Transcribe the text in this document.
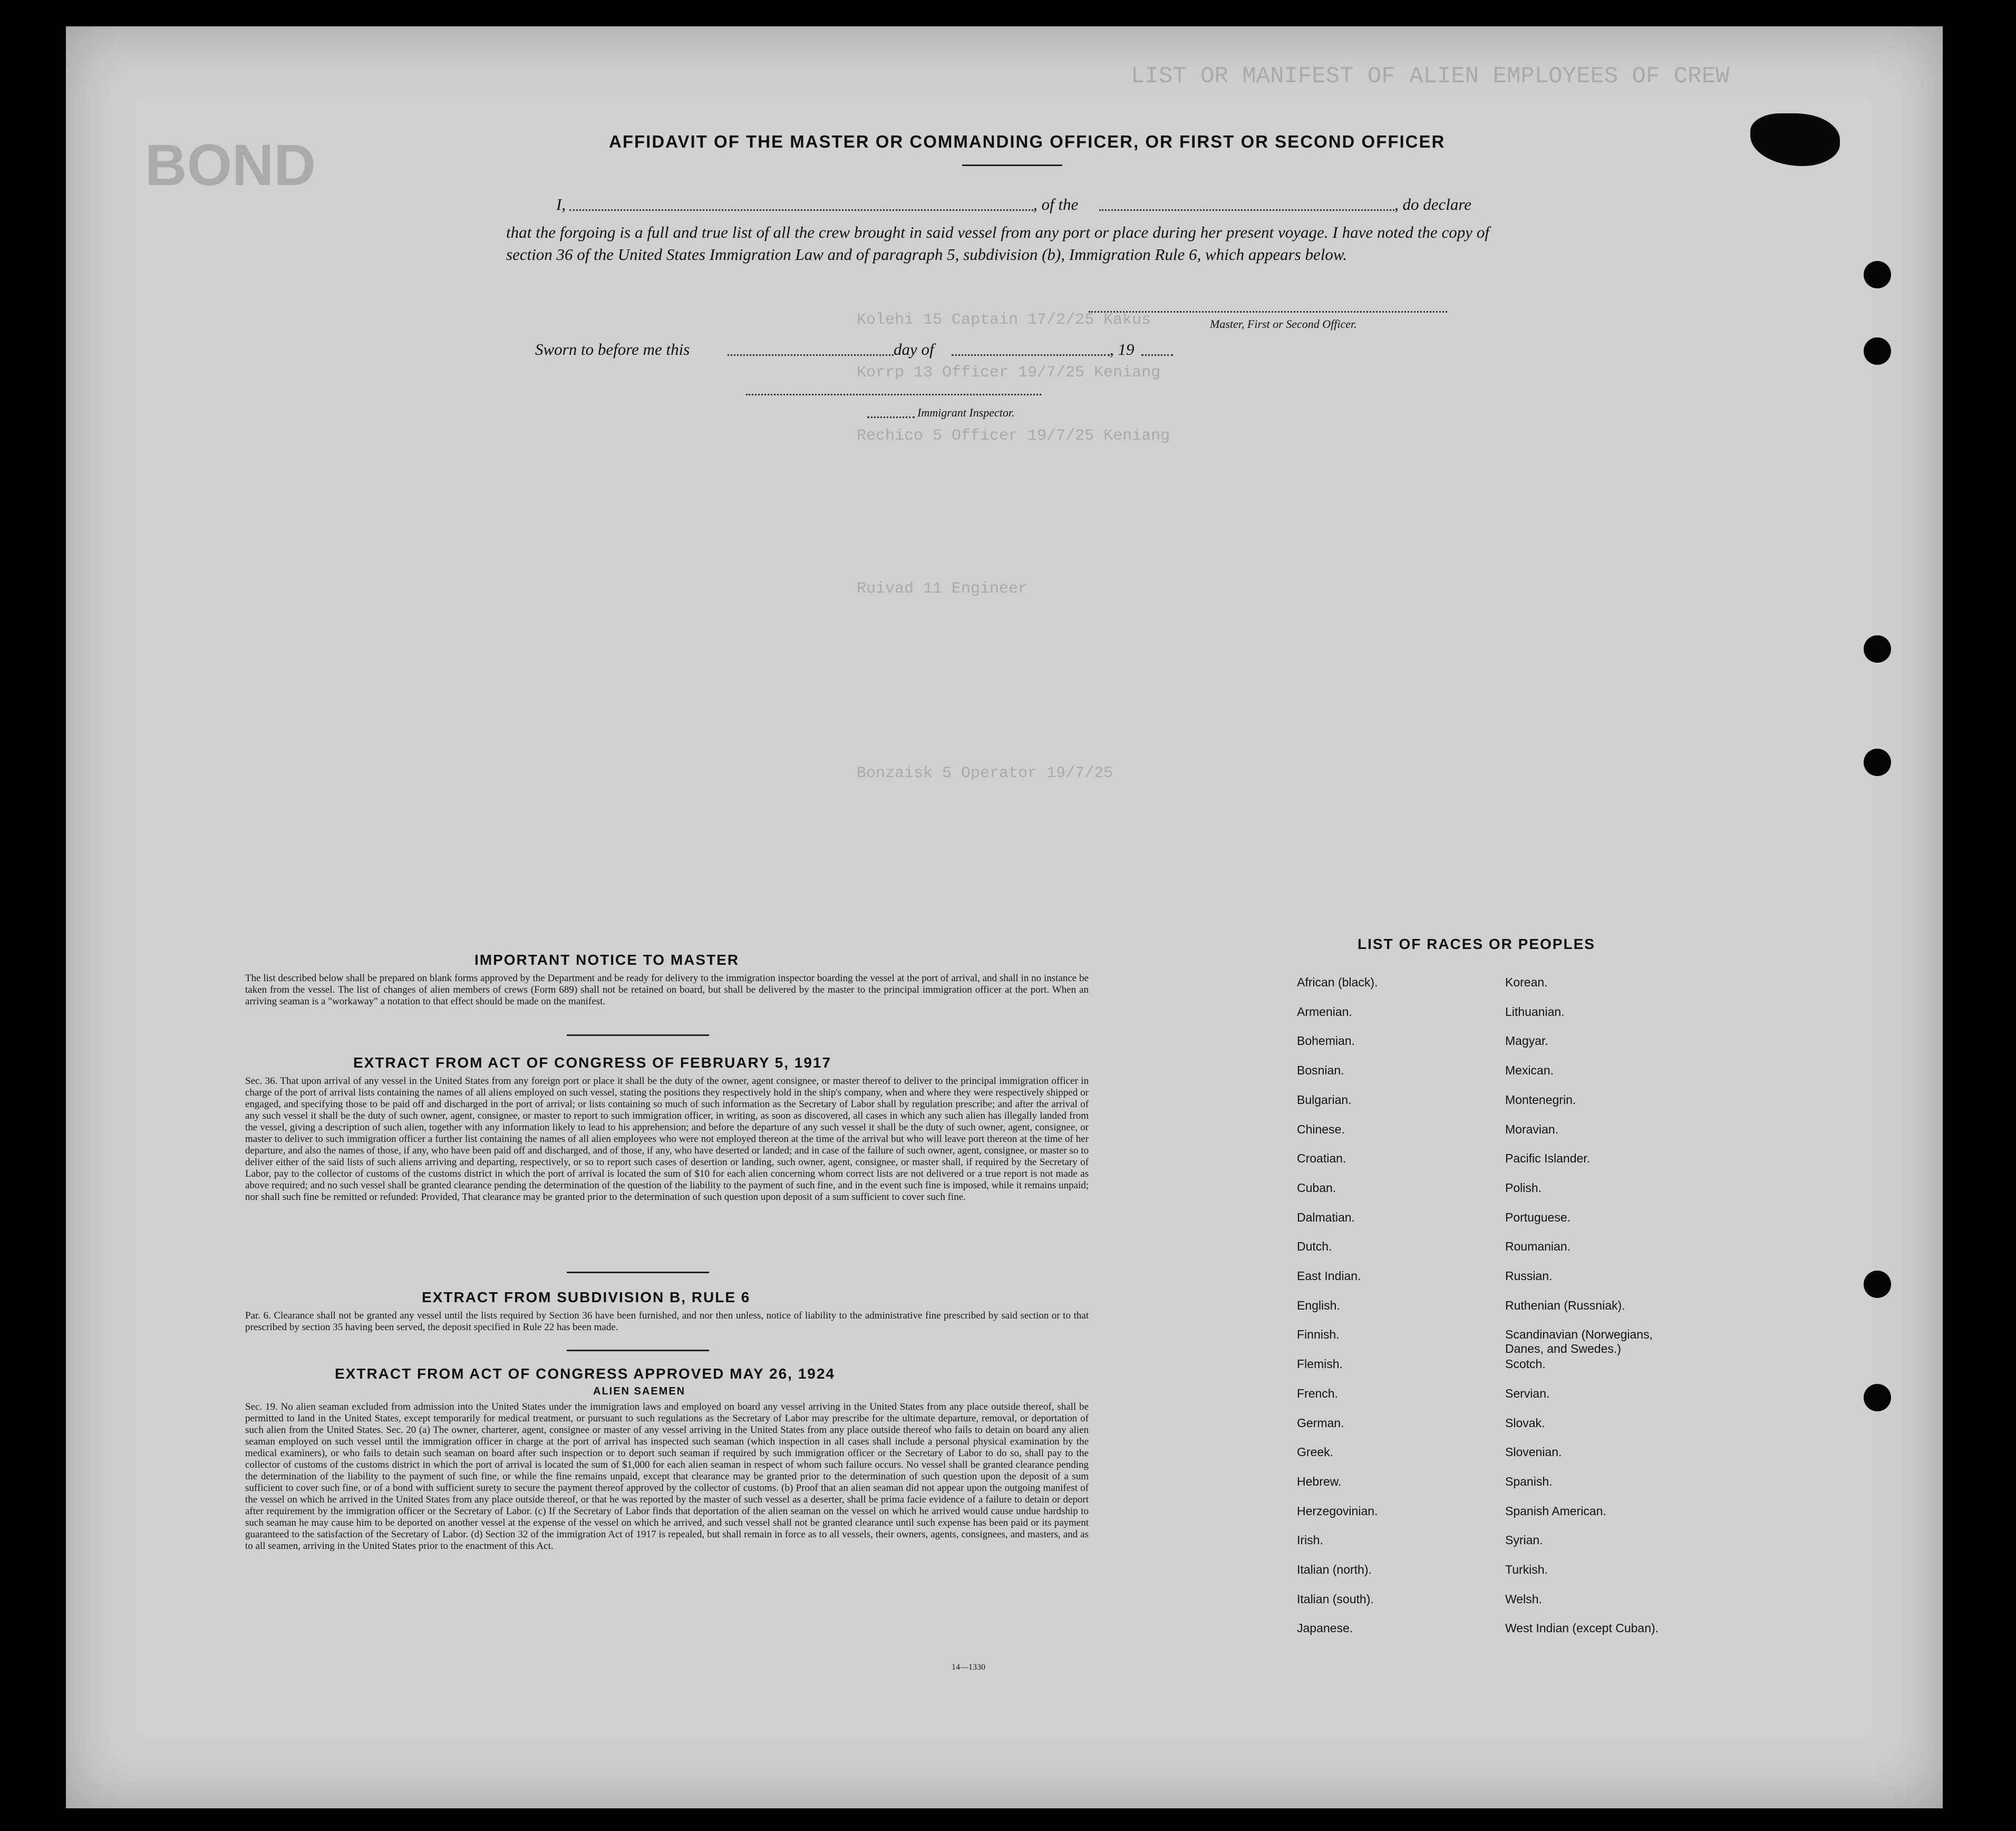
LIST OR MANIFEST OF ALIEN EMPLOYEES OF CREW
BOND
Kolehi 15 Captain 17/2/25 Kakus
Korrp 13 Officer 19/7/25 Keniang
Rechico 5 Officer 19/7/25 Keniang
Ruivad 11 Engineer
Bonzaisk 5 Operator 19/7/25
AFFIDAVIT OF THE MASTER OR COMMANDING OFFICER, OR FIRST OR SECOND OFFICER
I,	, of the	, do declare
that the forgoing is a full and true list of all the crew brought in said vessel from any port or place during her present voyage. I have noted the copy of section 36 of the United States Immigration Law and of paragraph 5, subdivision (b), Immigration Rule 6, which appears below.
Master, First or Second Officer.
Sworn to before me this	day of	, 19
Immigrant Inspector.
IMPORTANT NOTICE TO MASTER
The list described below shall be prepared on blank forms approved by the Department and be ready for delivery to the immigration inspector boarding the vessel at the port of arrival, and shall in no instance be taken from the vessel. The list of changes of alien members of crews (Form 689) shall not be retained on board, but shall be delivered by the master to the principal immigration officer at the port. When an arriving seaman is a "workaway" a notation to that effect should be made on the manifest.
EXTRACT FROM ACT OF CONGRESS OF FEBRUARY 5, 1917
Sec. 36. That upon arrival of any vessel in the United States from any foreign port or place it shall be the duty of the owner, agent consignee, or master thereof to deliver to the principal immigration officer in charge of the port of arrival lists containing the names of all aliens employed on such vessel, stating the positions they respectively hold in the ship's company, when and where they were respectively shipped or engaged, and specifying those to be paid off and discharged in the port of arrival; or lists containing so much of such information as the Secretary of Labor shall by regulation prescribe; and after the arrival of any such vessel it shall be the duty of such owner, agent, consignee, or master to report to such immigration officer, in writing, as soon as discovered, all cases in which any such alien has illegally landed from the vessel, giving a description of such alien, together with any information likely to lead to his apprehension; and before the departure of any such vessel it shall be the duty of such owner, agent, consignee, or master to deliver to such immigration officer a further list containing the names of all alien employees who were not employed thereon at the time of the arrival but who will leave port thereon at the time of her departure, and also the names of those, if any, who have been paid off and discharged, and of those, if any, who have deserted or landed; and in case of the failure of such owner, agent, consignee, or master so to deliver either of the said lists of such aliens arriving and departing, respectively, or so to report such cases of desertion or landing, such owner, agent, consignee, or master shall, if required by the Secretary of Labor, pay to the collector of customs of the customs district in which the port of arrival is located the sum of $10 for each alien concerning whom correct lists are not delivered or a true report is not made as above required; and no such vessel shall be granted clearance pending the determination of the question of the liability to the payment of such fine, and in the event such fine is imposed, while it remains unpaid; nor shall such fine be remitted or refunded: Provided, That clearance may be granted prior to the determination of such question upon deposit of a sum sufficient to cover such fine.
EXTRACT FROM SUBDIVISION B, RULE 6
Par. 6. Clearance shall not be granted any vessel until the lists required by Section 36 have been furnished, and nor then unless, notice of liability to the administrative fine prescribed by said section or to that prescribed by section 35 having been served, the deposit specified in Rule 22 has been made.
EXTRACT FROM ACT OF CONGRESS APPROVED MAY 26, 1924
ALIEN SAEMEN
Sec. 19. No alien seaman excluded from admission into the United States under the immigration laws and employed on board any vessel arriving in the United States from any place outside thereof, shall be permitted to land in the United States, except temporarily for medical treatment, or pursuant to such regulations as the Secretary of Labor may prescribe for the ultimate departure, removal, or deportation of such alien from the United States. Sec. 20 (a) The owner, charterer, agent, consignee or master of any vessel arriving in the United States from any place outside thereof who fails to detain on board any alien seaman employed on such vessel until the immigration officer in charge at the port of arrival has inspected such seaman (which inspection in all cases shall include a personal physical examination by the medical examiners), or who fails to detain such seaman on board after such inspection or to deport such seaman if required by such immigration officer or the Secretary of Labor to do so, shall pay to the collector of customs of the customs district in which the port of arrival is located the sum of $1,000 for each alien seaman in respect of whom such failure occurs. No vessel shall be granted clearance pending the determination of the liability to the payment of such fine, or while the fine remains unpaid, except that clearance may be granted prior to the determination of such question upon the deposit of a sum sufficient to cover such fine, or of a bond with sufficient surety to secure the payment thereof approved by the collector of customs. (b) Proof that an alien seaman did not appear upon the outgoing manifest of the vessel on which he arrived in the United States from any place outside thereof, or that he was reported by the master of such vessel as a deserter, shall be prima facie evidence of a failure to detain or deport after requirement by the immigration officer or the Secretary of Labor. (c) If the Secretary of Labor finds that deportation of the alien seaman on the vessel on which he arrived would cause undue hardship to such seaman he may cause him to be deported on another vessel at the expense of the vessel on which he arrived, and such vessel shall not be granted clearance until such expense has been paid or its payment guaranteed to the satisfaction of the Secretary of Labor. (d) Section 32 of the immigration Act of 1917 is repealed, but shall remain in force as to all vessels, their owners, agents, consignees, and masters, and as to all seamen, arriving in the United States prior to the enactment of this Act.
14—1330
LIST OF RACES OR PEOPLES
African (black).
Armenian.
Bohemian.
Bosnian.
Bulgarian.
Chinese.
Croatian.
Cuban.
Dalmatian.
Dutch.
East Indian.
English.
Finnish.
Flemish.
French.
German.
Greek.
Hebrew.
Herzegovinian.
Irish.
Italian (north).
Italian (south).
Japanese.
Korean.
Lithuanian.
Magyar.
Mexican.
Montenegrin.
Moravian.
Pacific Islander.
Polish.
Portuguese.
Roumanian.
Russian.
Ruthenian (Russniak).
Scandinavian (Norwegians,
Danes, and Swedes.)
Scotch.
Servian.
Slovak.
Slovenian.
Spanish.
Spanish American.
Syrian.
Turkish.
Welsh.
West Indian (except Cuban).
